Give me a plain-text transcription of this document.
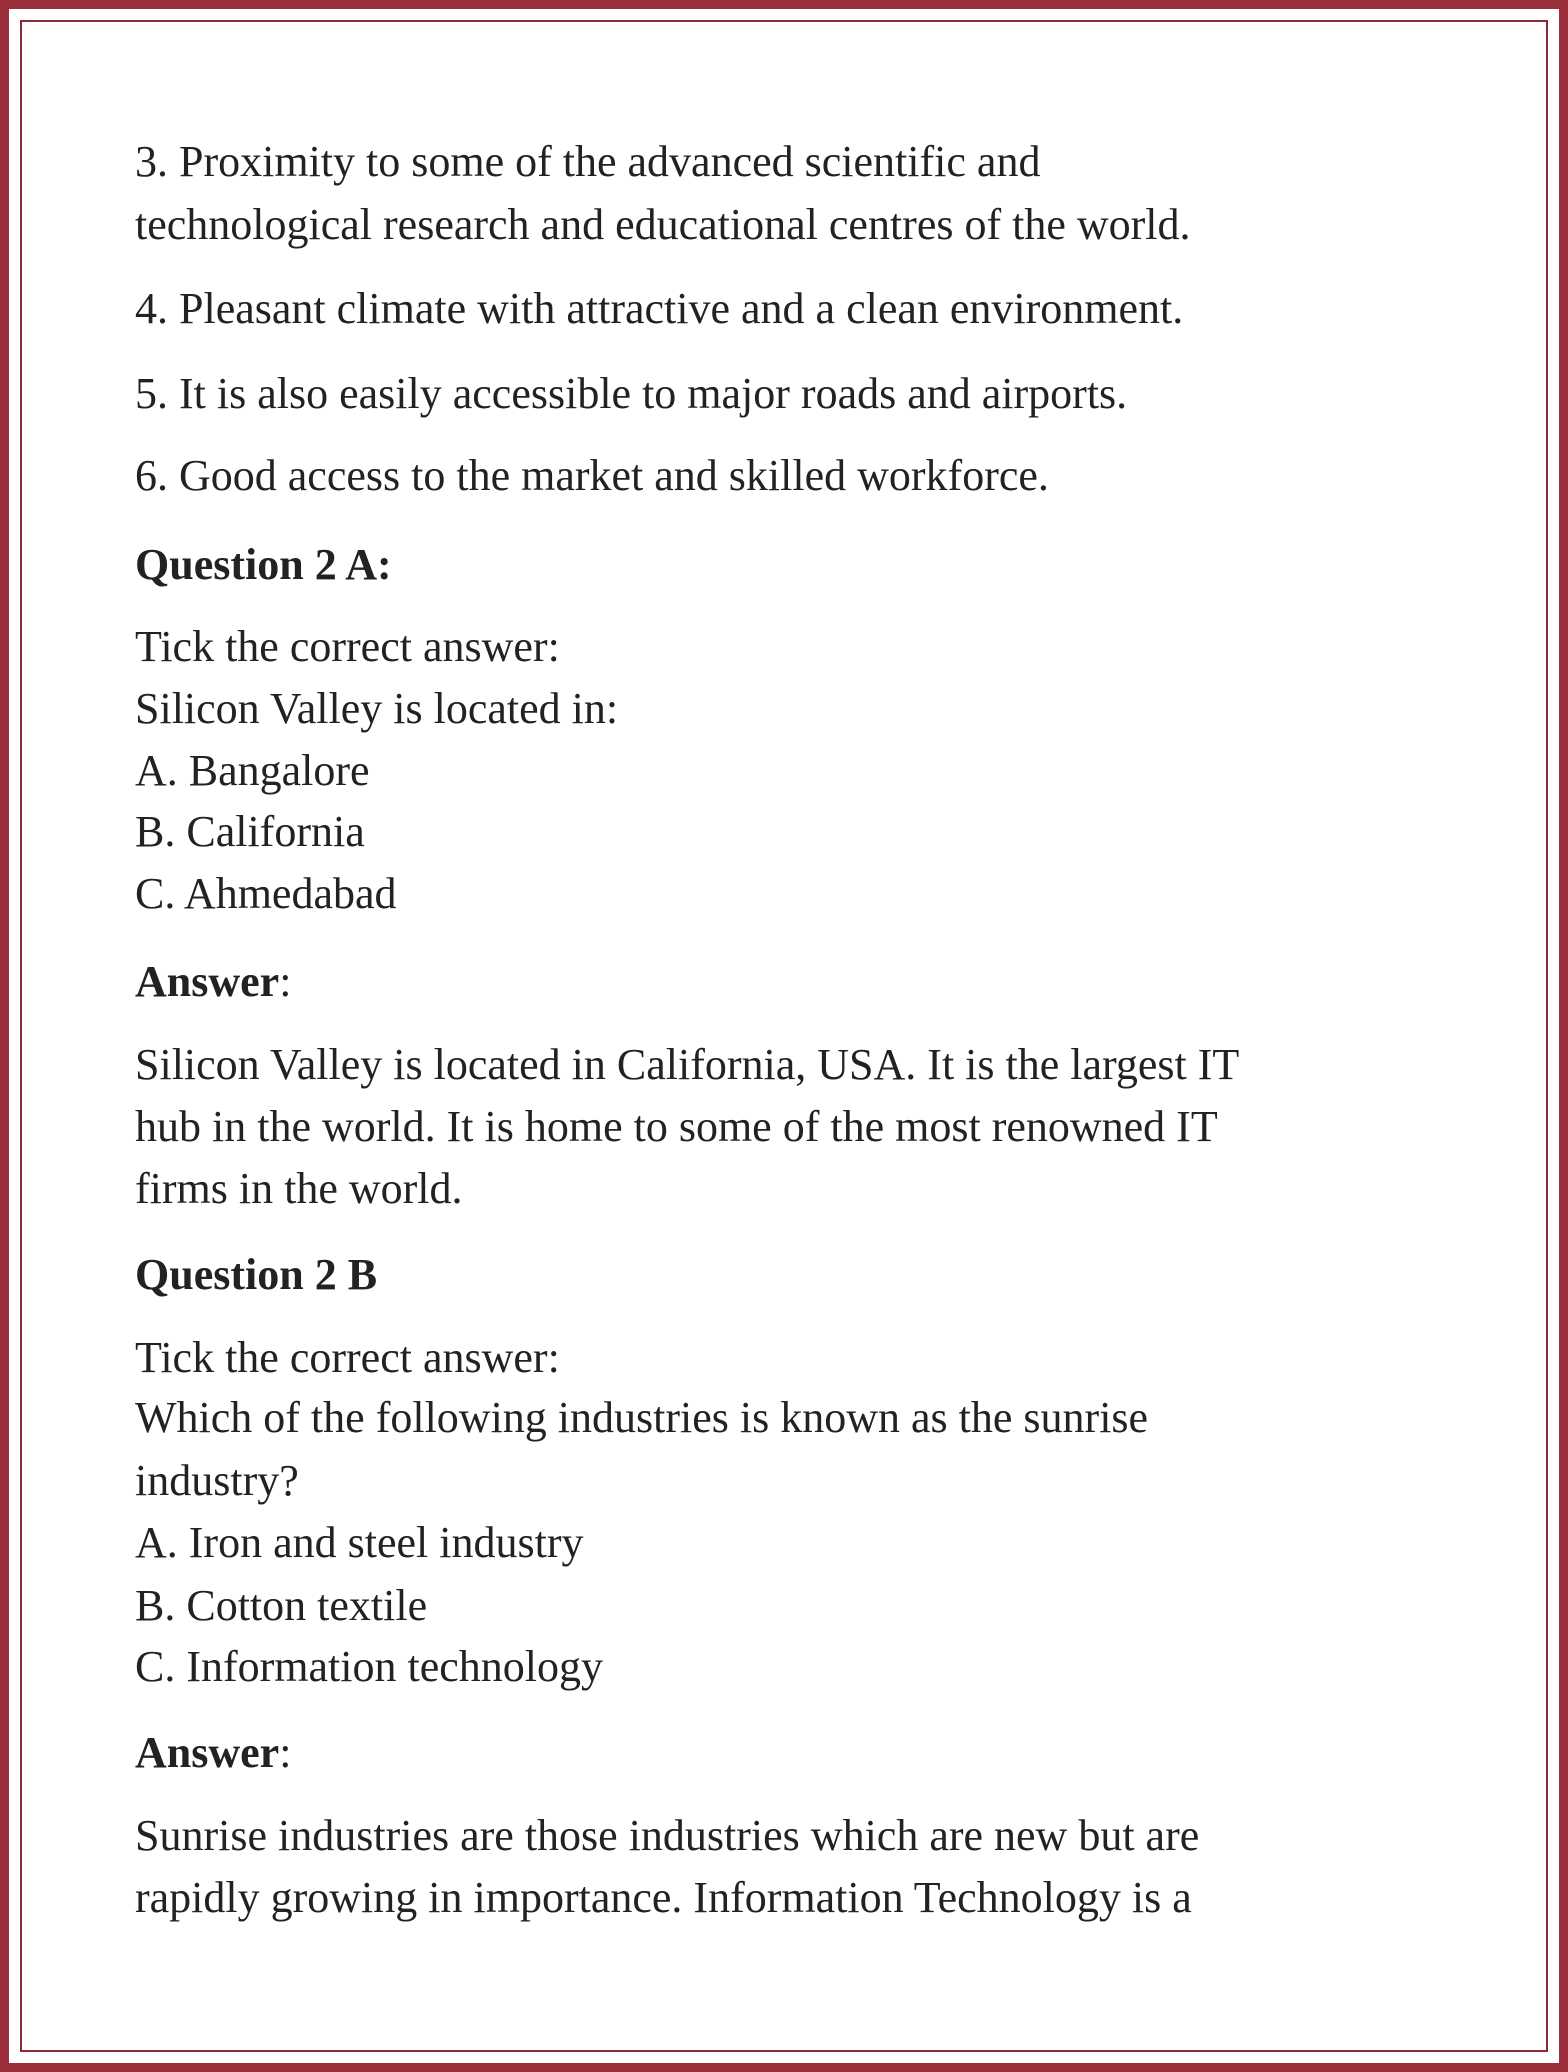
3. Proximity to some of the advanced scientific and
technological research and educational centres of the world.
4. Pleasant climate with attractive and a clean environment.
5. It is also easily accessible to major roads and airports.
6. Good access to the market and skilled workforce.
Question 2 A:
Tick the correct answer:
Silicon Valley is located in:
A. Bangalore
B. California
C. Ahmedabad
Answer:
Silicon Valley is located in California, USA. It is the largest IT
hub in the world. It is home to some of the most renowned IT
firms in the world.
Question 2 B
Tick the correct answer:
Which of the following industries is known as the sunrise
industry?
A. Iron and steel industry
B. Cotton textile
C. Information technology
Answer:
Sunrise industries are those industries which are new but are
rapidly growing in importance. Information Technology is a
